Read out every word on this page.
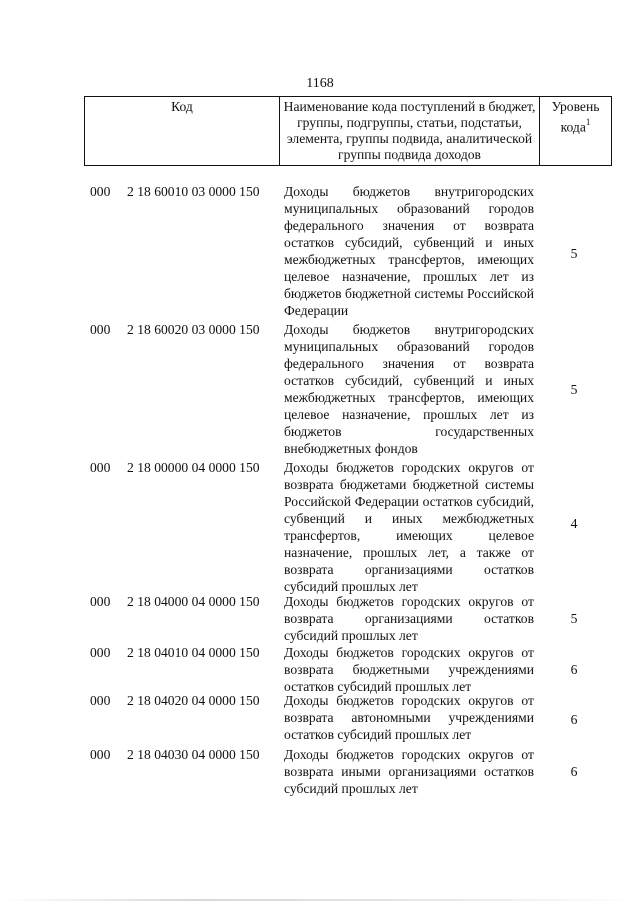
1168
Код	Наименование кода поступлений в бюджет, группы, подгруппы, статьи, подстатьи, элемента, группы подвида, аналитической группы подвида доходов
Уровень кода$^1$
000 2 18 60010 03 0000 150 Доходы бюджетов внутригородских муниципальных образований городов федерального значения от возврата остатков субсидий, субвенций и иных межбюджетных трансфертов, имеющих целевое назначение, прошлых лет из бюджетов бюджетной системы Российской Федерации
5
000 2 18 60020 03 0000 150 Доходы бюджетов внутригородских муниципальных образований городов федерального значения от возврата остатков субсидий, субвенций и иных межбюджетных трансфертов, имеющих целевое назначение, прошлых лет из бюджетов государственных внебюджетных фондов
5
000 2 18 00000 04 0000 150 Доходы бюджетов городских округов от возврата бюджетами бюджетной системы Российской Федерации остатков субсидий, субвенций и иных межбюджетных трансфертов, имеющих целевое назначение, прошлых лет, а также от возврата организациями остатков субсидий прошлых лет
4
000 2 18 04000 04 0000 150 Доходы бюджетов городских округов от возврата организациями остатков субсидий прошлых лет
5
000 2 18 04010 04 0000 150 Доходы бюджетов городских округов от возврата бюджетными учреждениями остатков субсидий прошлых лет
6
000 2 18 04020 04 0000 150 Доходы бюджетов городских округов от возврата автономными учреждениями остатков субсидий прошлых лет
6
000 2 18 04030 04 0000 150 Доходы бюджетов городских округов от возврата иными организациями остатков субсидий прошлых лет
6
